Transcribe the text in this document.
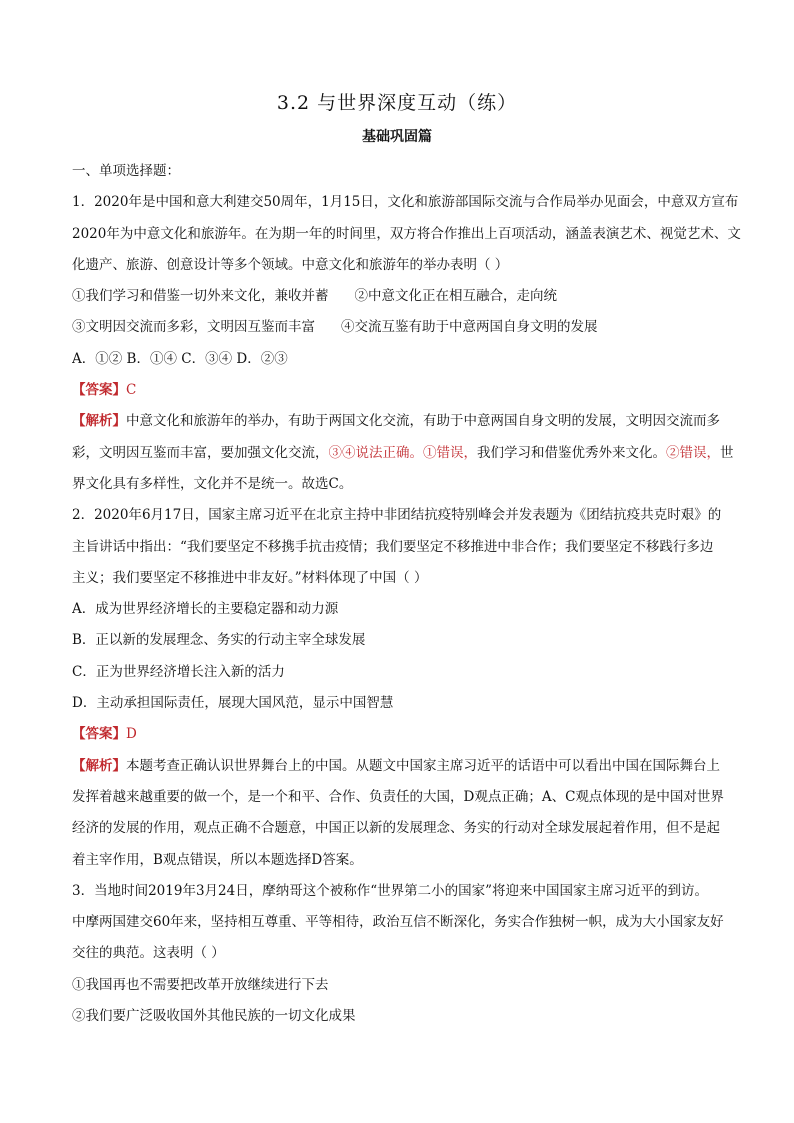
3.2 与世界深度互动（练）
基础巩固篇
一、单项选择题：
1．2020年是中国和意大利建交50周年，1月15日，文化和旅游部国际交流与合作局举办见面会，中意双方宣布
2020年为中意文化和旅游年。在为期一年的时间里，双方将合作推出上百项活动，涵盖表演艺术、视觉艺术、文
化遗产、旅游、创意设计等多个领域。中意文化和旅游年的举办表明（ ）
①我们学习和借鉴一切外来文化，兼收并蓄 ②中意文化正在相互融合，走向统
③文明因交流而多彩，文明因互鉴而丰富 ④交流互鉴有助于中意两国自身文明的发展
A．①② B．①④ C．③④ D．②③
【答案】C
【解析】中意文化和旅游年的举办，有助于两国文化交流，有助于中意两国自身文明的发展，文明因交流而多
彩，文明因互鉴而丰富，要加强文化交流，③④说法正确。①错误，我们学习和借鉴优秀外来文化。②错误，世
界文化具有多样性，文化并不是统一。故选C。
2．2020年6月17日，国家主席习近平在北京主持中非团结抗疫特别峰会并发表题为《团结抗疫共克时艰》的
主旨讲话中指出：“我们要坚定不移携手抗击疫情；我们要坚定不移推进中非合作；我们要坚定不移践行多边
主义；我们要坚定不移推进中非友好。”材料体现了中国（ ）
A．成为世界经济增长的主要稳定器和动力源
B．正以新的发展理念、务实的行动主宰全球发展
C．正为世界经济增长注入新的活力
D．主动承担国际责任，展现大国风范，显示中国智慧
【答案】D
【解析】本题考查正确认识世界舞台上的中国。从题文中国家主席习近平的话语中可以看出中国在国际舞台上
发挥着越来越重要的做一个，是一个和平、合作、负责任的大国，D观点正确；A、C观点体现的是中国对世界
经济的发展的作用，观点正确不合题意，中国正以新的发展理念、务实的行动对全球发展起着作用，但不是起
着主宰作用，B观点错误，所以本题选择D答案。
3．当地时间2019年3月24日，摩纳哥这个被称作“世界第二小的国家”将迎来中国国家主席习近平的到访。
中摩两国建交60年来，坚持相互尊重、平等相待，政治互信不断深化，务实合作独树一帜，成为大小国家友好
交往的典范。这表明（ ）
①我国再也不需要把改革开放继续进行下去
②我们要广泛吸收国外其他民族的一切文化成果
